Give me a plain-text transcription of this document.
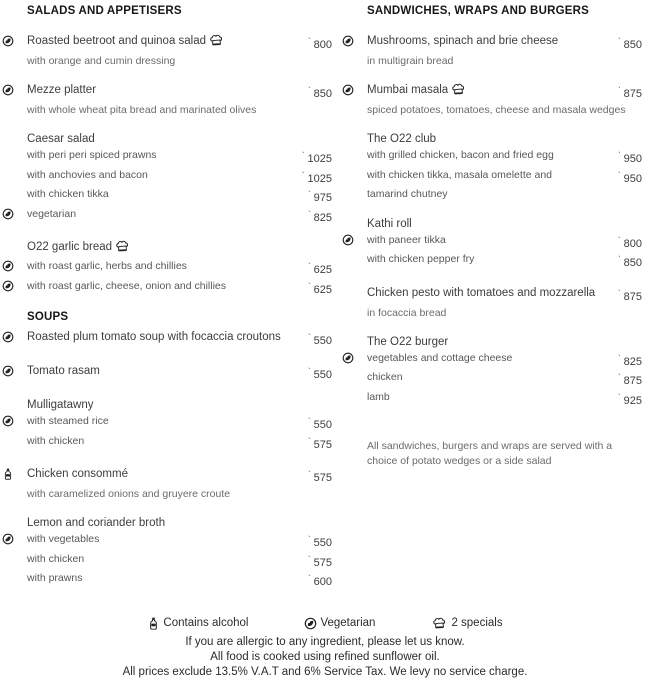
SALADS AND APPETISERS
Roasted beetroot and quinoa salad	` 800
with orange and cumin dressing
Mezze platter	` 850
with whole wheat pita bread and marinated olives
Caesar salad
with peri peri spiced prawns	` 1025
with anchovies and bacon	` 1025
with chicken tikka	` 975
vegetarian	` 825
O22 garlic bread
with roast garlic, herbs and chillies	` 625
with roast garlic, cheese, onion and chillies	` 625
SOUPS
Roasted plum tomato soup with focaccia croutons	` 550
Tomato rasam	` 550
Mulligatawny
with steamed rice	` 550
with chicken	` 575
Chicken consommé	` 575
with caramelized onions and gruyere croute
Lemon and coriander broth
with vegetables	` 550
with chicken	` 575
with prawns	` 600
SANDWICHES, WRAPS AND BURGERS
Mushrooms, spinach and brie cheese	` 850
in multigrain bread
Mumbai masala	` 875
spiced potatoes, tomatoes, cheese and masala wedges
The O22 club
with grilled chicken, bacon and fried egg	` 950
with chicken tikka, masala omelette and	` 950
tamarind chutney
Kathi roll
with paneer tikka	` 800
with chicken pepper fry	` 850
Chicken pesto with tomatoes and mozzarella	` 875
in focaccia bread
The O22 burger
vegetables and cottage cheese	` 825
chicken	` 875
lamb	` 925
All sandwiches, burgers and wraps are served with a
choice of potato wedges or a side salad
Contains alcohol	Vegetarian	2 specials
If you are allergic to any ingredient, please let us know.
All food is cooked using refined sunflower oil.
All prices exclude 13.5% V.A.T and 6% Service Tax. We levy no service charge.
